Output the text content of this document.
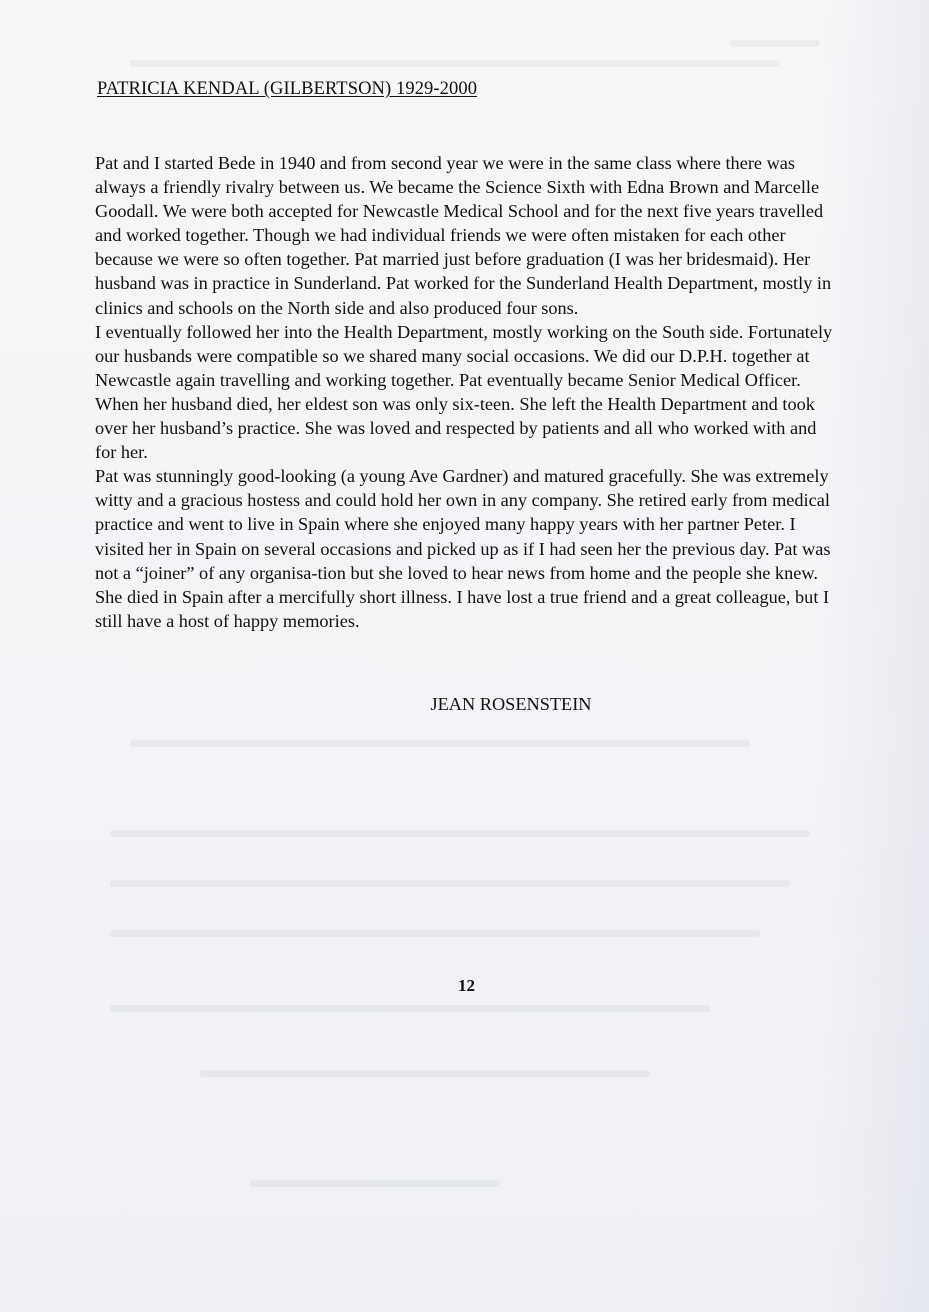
PATRICIA KENDAL (GILBERTSON) 1929-2000

Pat and I started Bede in 1940 and from second year we were in the same class where there was always a friendly rivalry between us. We became the Science Sixth with Edna Brown and Marcelle Goodall. We were both accepted for Newcastle Medical School and for the next five years travelled and worked together. Though we had individual friends we were often mistaken for each other because we were so often together. Pat married just before graduation (I was her bridesmaid). Her husband was in practice in Sunderland. Pat worked for the Sunderland Health Department, mostly in clinics and schools on the North side and also produced four sons.

I eventually followed her into the Health Department, mostly working on the South side. Fortunately our husbands were compatible so we shared many social occasions. We did our D.P.H. together at Newcastle again travelling and working together. Pat eventually became Senior Medical Officer. When her husband died, her eldest son was only six-teen. She left the Health Department and took over her husband’s practice. She was loved and respected by patients and all who worked with and for her.

Pat was stunningly good-looking (a young Ave Gardner) and matured gracefully. She was extremely witty and a gracious hostess and could hold her own in any company. She retired early from medical practice and went to live in Spain where she enjoyed many happy years with her partner Peter. I visited her in Spain on several occasions and picked up as if I had seen her the previous day. Pat was not a “joiner” of any organisa-tion but she loved to hear news from home and the people she knew. She died in Spain after a mercifully short illness. I have lost a true friend and a great colleague, but I still have a host of happy memories.

JEAN ROSENSTEIN
12
